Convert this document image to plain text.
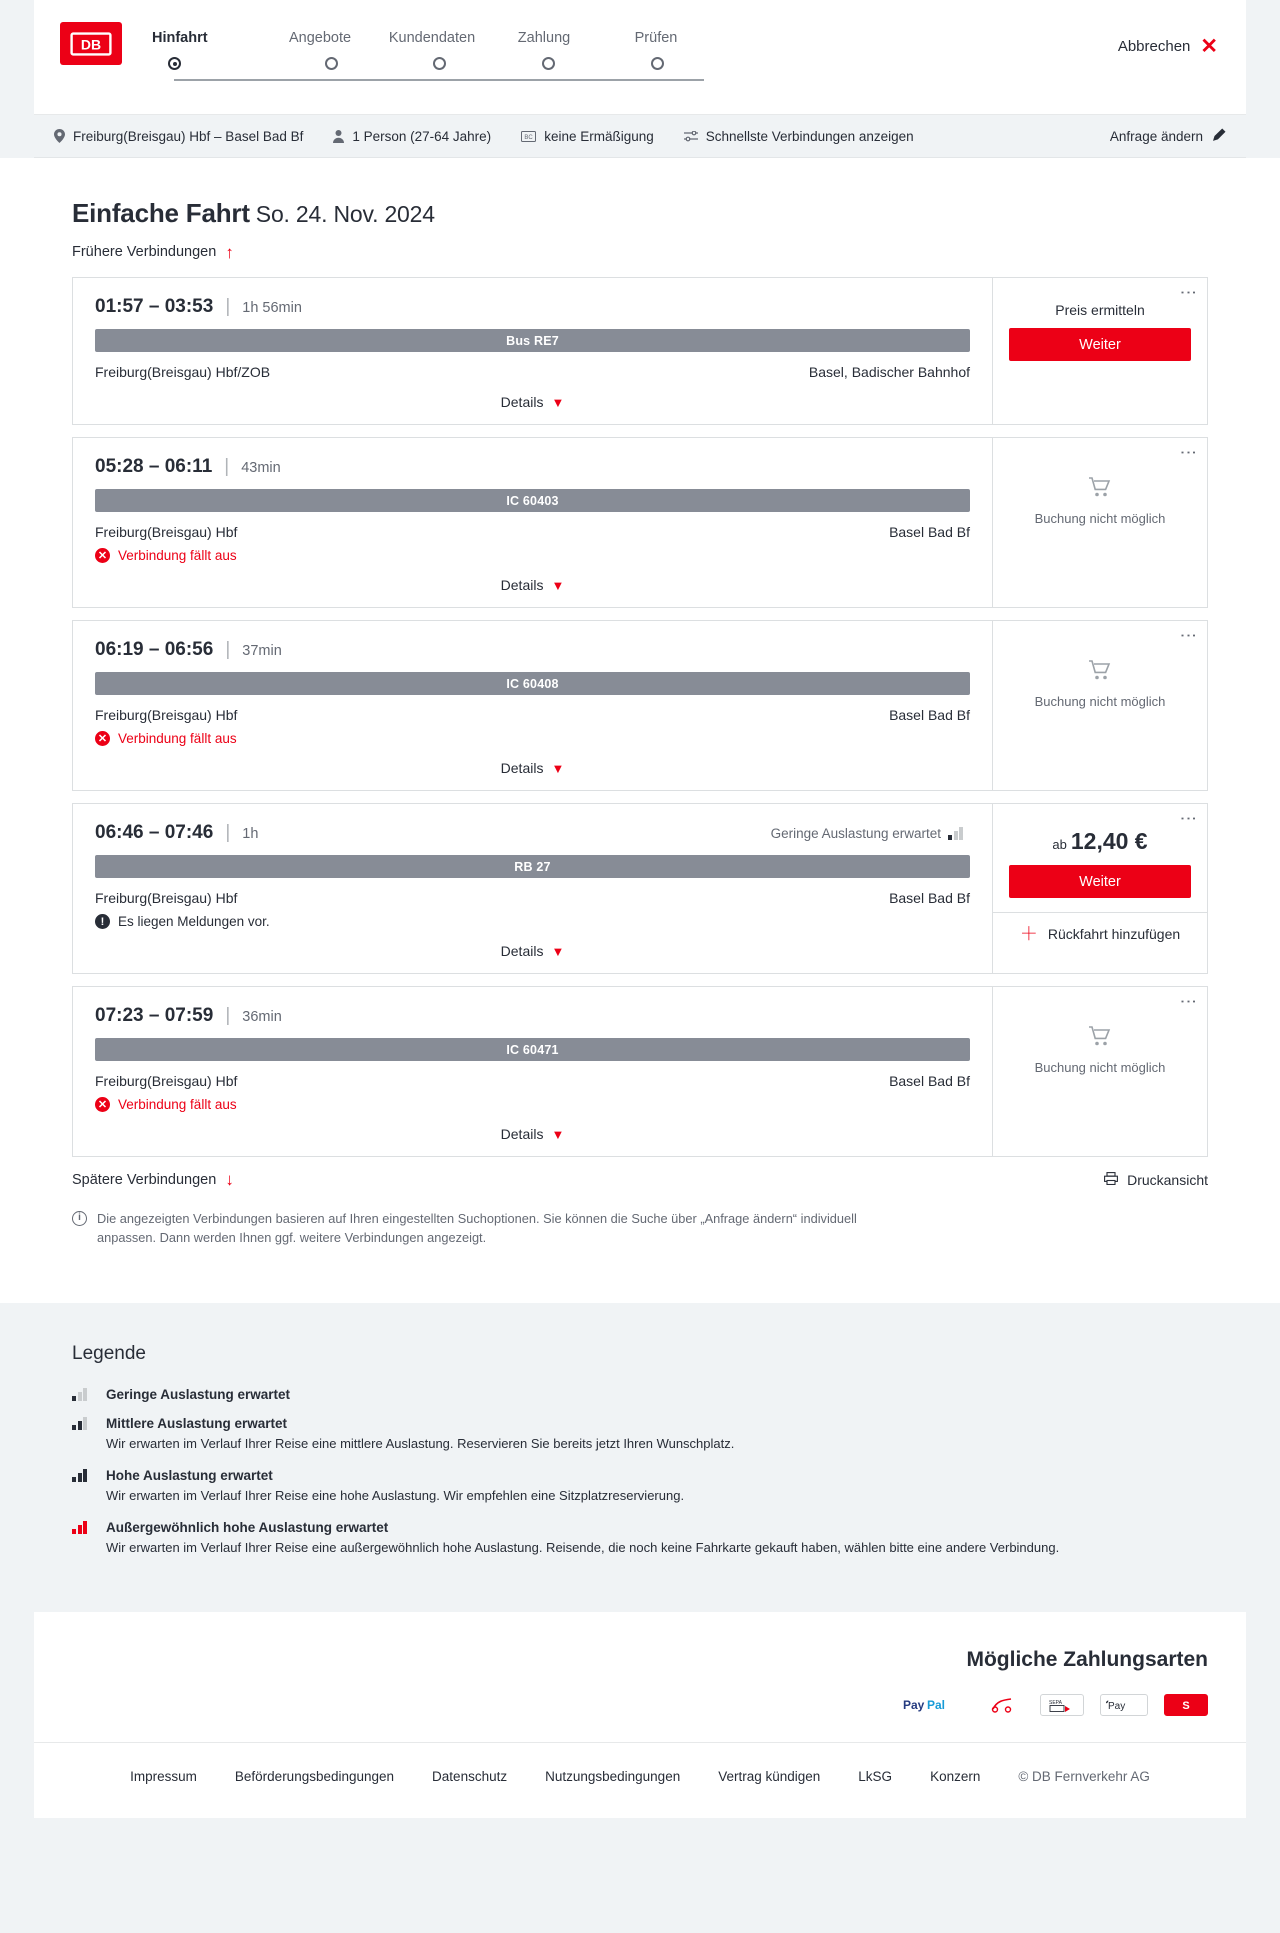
DB	Hinfahrt	Angebote	Kundendaten	Zahlung	Prüfen	Abbrechen ✕
Freiburg(Breisgau) Hbf – Basel Bad Bf	1 Person (27-64 Jahre)	BC keine Ermäßigung	Schnellste Verbindungen anzeigen	Anfrage ändern
Einfache Fahrt So. 24. Nov. 2024
Frühere Verbindungen ↑
01:57 – 03:53 | 1h 56min
Bus RE7
Freiburg(Breisgau) Hbf/ZOB	Basel, Badischer Bahnhof
Details ▼
⋮
Preis ermitteln
Weiter
05:28 – 06:11 | 43min
IC 60403
Freiburg(Breisgau) Hbf	Basel Bad Bf
✕ Verbindung fällt aus
Details ▼
⋮
Buchung nicht möglich
06:19 – 06:56 | 37min
IC 60408
Freiburg(Breisgau) Hbf	Basel Bad Bf
✕ Verbindung fällt aus
Details ▼
⋮
Buchung nicht möglich
06:46 – 07:46 | 1h	Geringe Auslastung erwartet
RB 27
Freiburg(Breisgau) Hbf	Basel Bad Bf
!	Es liegen Meldungen vor.
Details ▼
⋮
ab 12,40 €
Weiter
＋ Rückfahrt hinzufügen
07:23 – 07:59 | 36min
IC 60471
Freiburg(Breisgau) Hbf	Basel Bad Bf
✕ Verbindung fällt aus
Details ▼
⋮
Buchung nicht möglich
Spätere Verbindungen ↓	Druckansicht
i	Die angezeigten Verbindungen basieren auf Ihren eingestellten Suchoptionen. Sie können die Suche über „Anfrage ändern“ individuell anpassen. Dann werden Ihnen ggf. weitere Verbindungen angezeigt.
Legende
Geringe Auslastung erwartet
Mittlere Auslastung erwartet
Wir erwarten im Verlauf Ihrer Reise eine mittlere Auslastung. Reservieren Sie bereits jetzt Ihren Wunschplatz.
Hohe Auslastung erwartet
Wir erwarten im Verlauf Ihrer Reise eine hohe Auslastung. Wir empfehlen eine Sitzplatzreservierung.
Außergewöhnlich hohe Auslastung erwartet
Wir erwarten im Verlauf Ihrer Reise eine außergewöhnlich hohe Auslastung. Reisende, die noch keine Fahrkarte gekauft haben, wählen bitte eine andere Verbindung.
Mögliche Zahlungsarten
Pay Pal	SEPA	Pay	S
Impressum	Beförderungsbedingungen	Datenschutz	Nutzungsbedingungen	Vertrag kündigen	LkSG	Konzern	© DB Fernverkehr AG
